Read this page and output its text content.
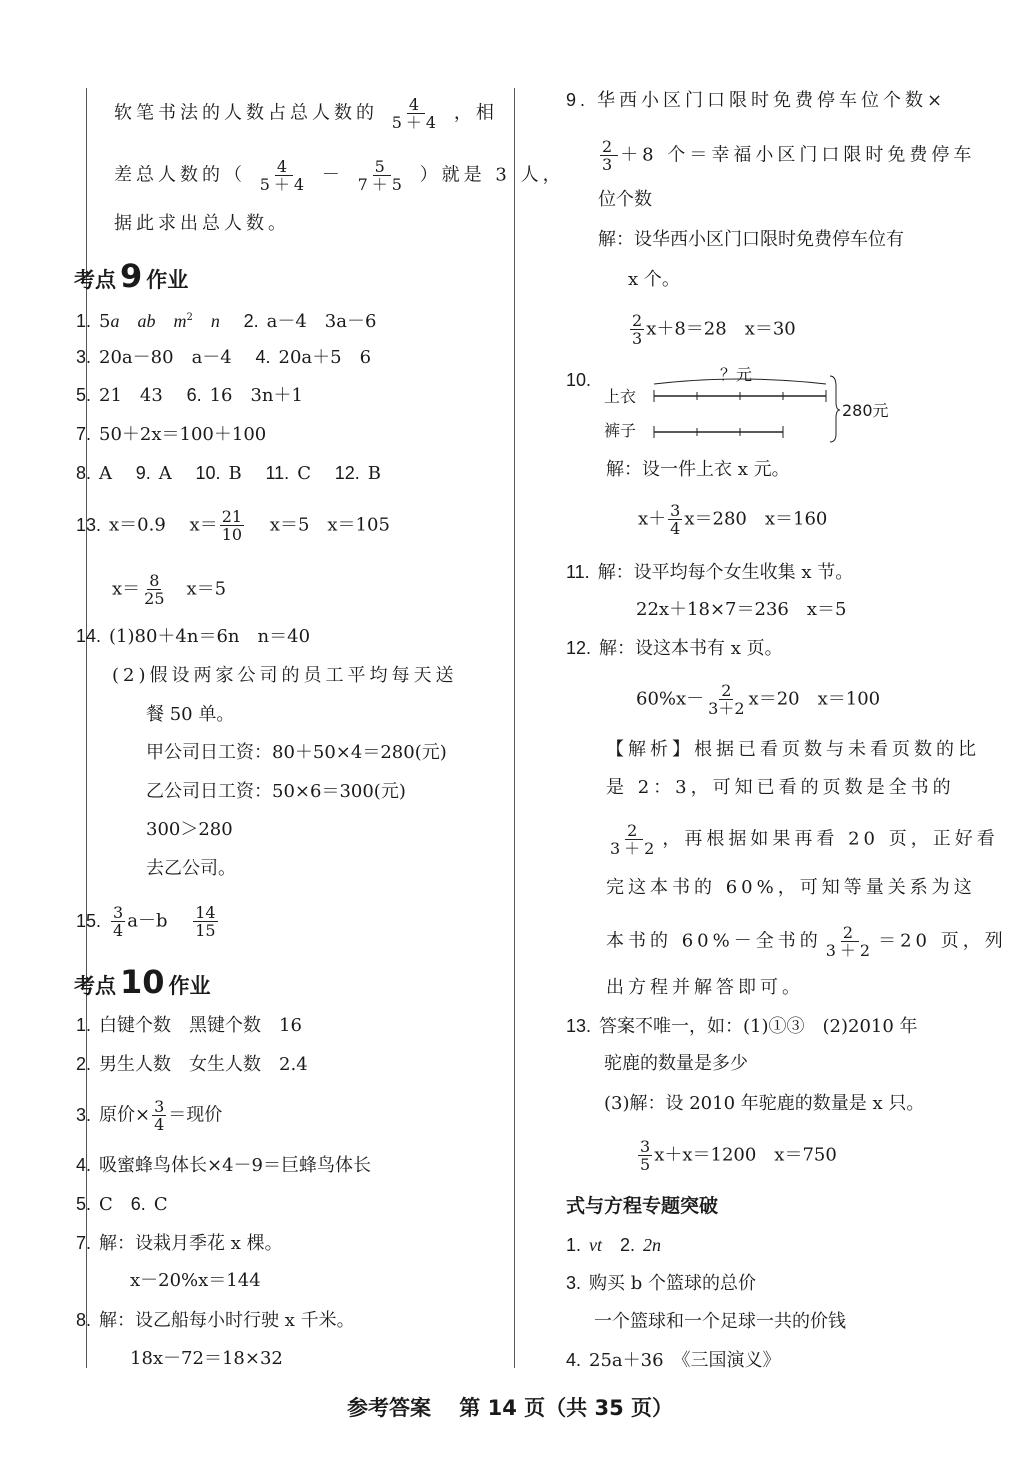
软笔书法的人数占总人数的 $\frac{4}{5+4}$ ，相
差总人数的（ $\frac{4}{5+4} - \frac{5}{7+5}$ ）就是 3 人，
据此求出总人数。
考点 9 作业
1. 5a　 ab　 $m^2$　 n 　 2. a－4　 3a－6
3. 20a－80　 a－4 　 4. 20a＋5　 6
5. 21　 43 　 6. 16　 3n＋1
7. 50＋2x＝100＋100
8. A　 9. A　 10. B　 11. C　 12. B
13. x＝0.9　 $x= \frac{21}{10}$
　 x＝5　 x＝105
$x= \frac{8}{25}$
　 x＝5
14. (1)80＋4n＝6n　n＝40
(2)假设两家公司的员工平均每天送
餐 50 单。
甲公司日工资：80＋50×4＝280(元)
乙公司日工资：50×6＝300(元)
300＞280
去乙公司。
15. $\frac{3}{4} a-b$　 $\frac{14}{15}$
考点 10 作业
1. 白键个数　黑键个数　16
2. 男生人数　女生人数　2.4
3. 原价× $\frac{3}{4}$ ＝现价
4. 吸蜜蜂鸟体长×4－9＝巨蜂鸟体长
5. C　 6. C
7. 解：设栽月季花 x 棵。
x－20%x＝144
8. 解：设乙船每小时行驶 x 千米。
18x－72＝18×32
9. 华西小区门口限时免费停车位个数×
$\frac{2}{3} +8$ 个＝幸福小区门口限时免费停车
位个数
解：设华西小区门口限时免费停车位有
x 个。
$\frac{2}{3} x+8=28$　x＝30
10.	？元
上衣
裤子
280元
解：设一件上衣 x 元。
$x+ \frac{3}{4} x=280$　x＝160
11. 解：设平均每个女生收集 x 节。
22x＋18×7＝236　x＝5
12. 解：设这本书有 x 页。
$60\%x- \frac{2}{3+2} x=20$　x＝100
【解析】根据已看页数与未看页数的比
是 2：3，可知已看的页数是全书的
$\frac{2}{3+2}$ ，再根据如果再看 20 页，正好看
完这本书的 60%，可知等量关系为这
本书的 60%－全书的 $\frac{2}{3+2} =20$ 页，列
出方程并解答即可。
13. 答案不唯一，如：(1)①③　(2)2010 年
驼鹿的数量是多少
(3)解：设 2010 年驼鹿的数量是 x 只。
$\frac{3}{5} x+x=1200$　x＝750
式与方程专题突破
1. vt　 2. 2n
3. 购买 b 个篮球的总价
一个篮球和一个足球一共的价钱
4. 25a＋36　《三国演义》
参考答案　 第 14 页（共 35 页）
